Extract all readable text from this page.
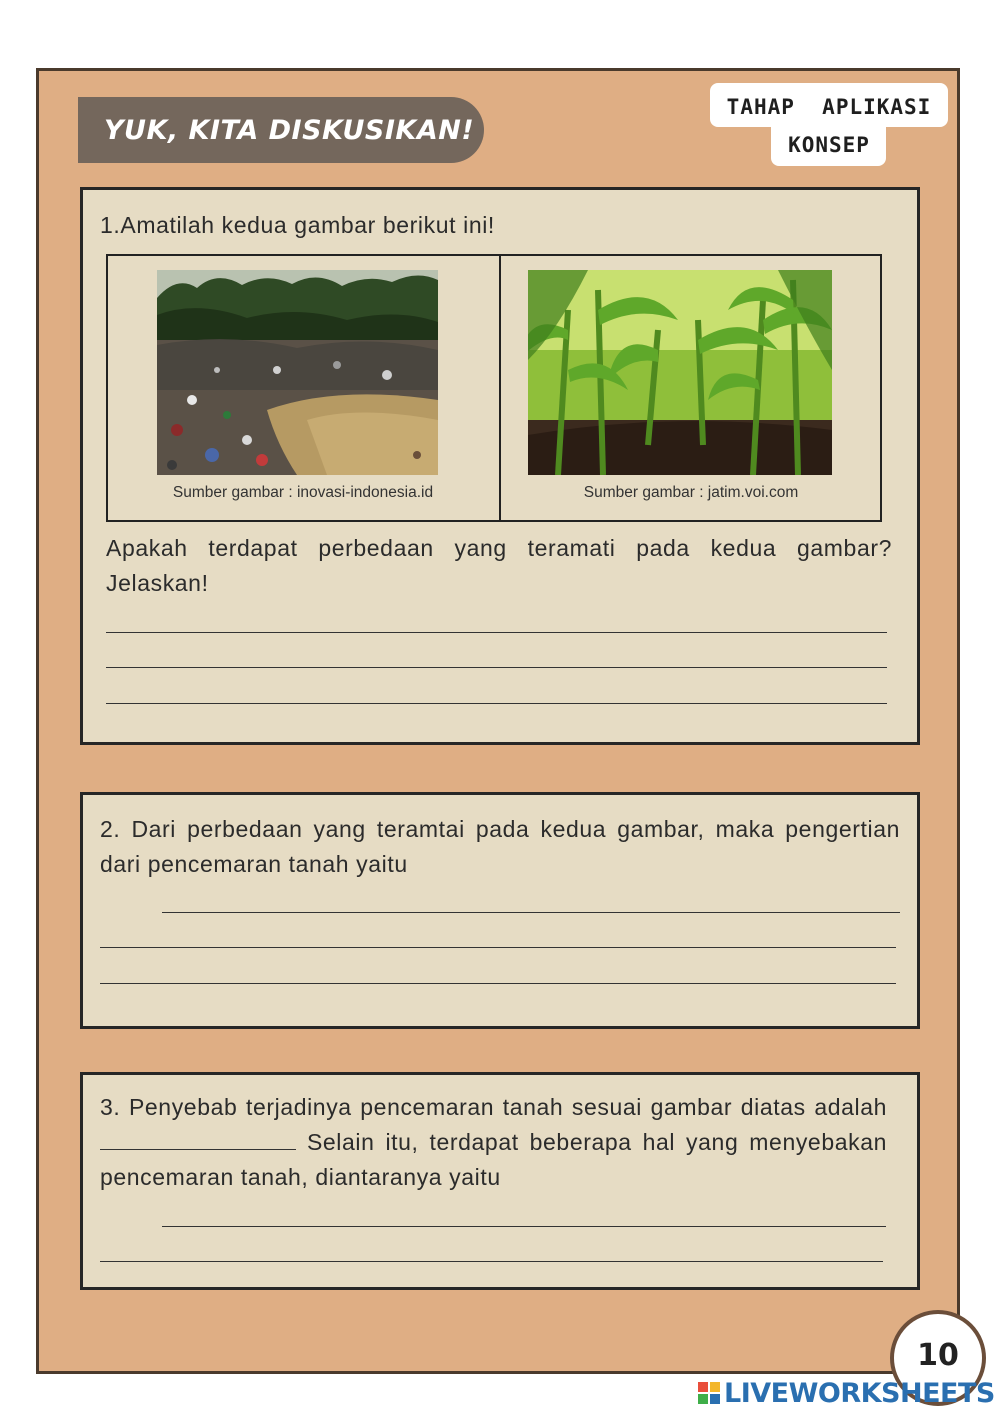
YUK, KITA DISKUSIKAN!
TAHAP  APLIKASI
KONSEP
1.Amatilah kedua gambar berikut ini!
Sumber gambar : inovasi-indonesia.id	Sumber gambar : jatim.voi.com
Apakah terdapat perbedaan yang teramati pada kedua gambar? Jelaskan!
2. Dari perbedaan yang teramtai pada kedua gambar, maka pengertian dari pencemaran tanah yaitu
3. Penyebab terjadinya pencemaran tanah sesuai gambar diatas adalah Selain itu, terdapat beberapa hal yang menyebakan pencemaran tanah, diantaranya yaitu
10
LIVEWORKSHEETS
